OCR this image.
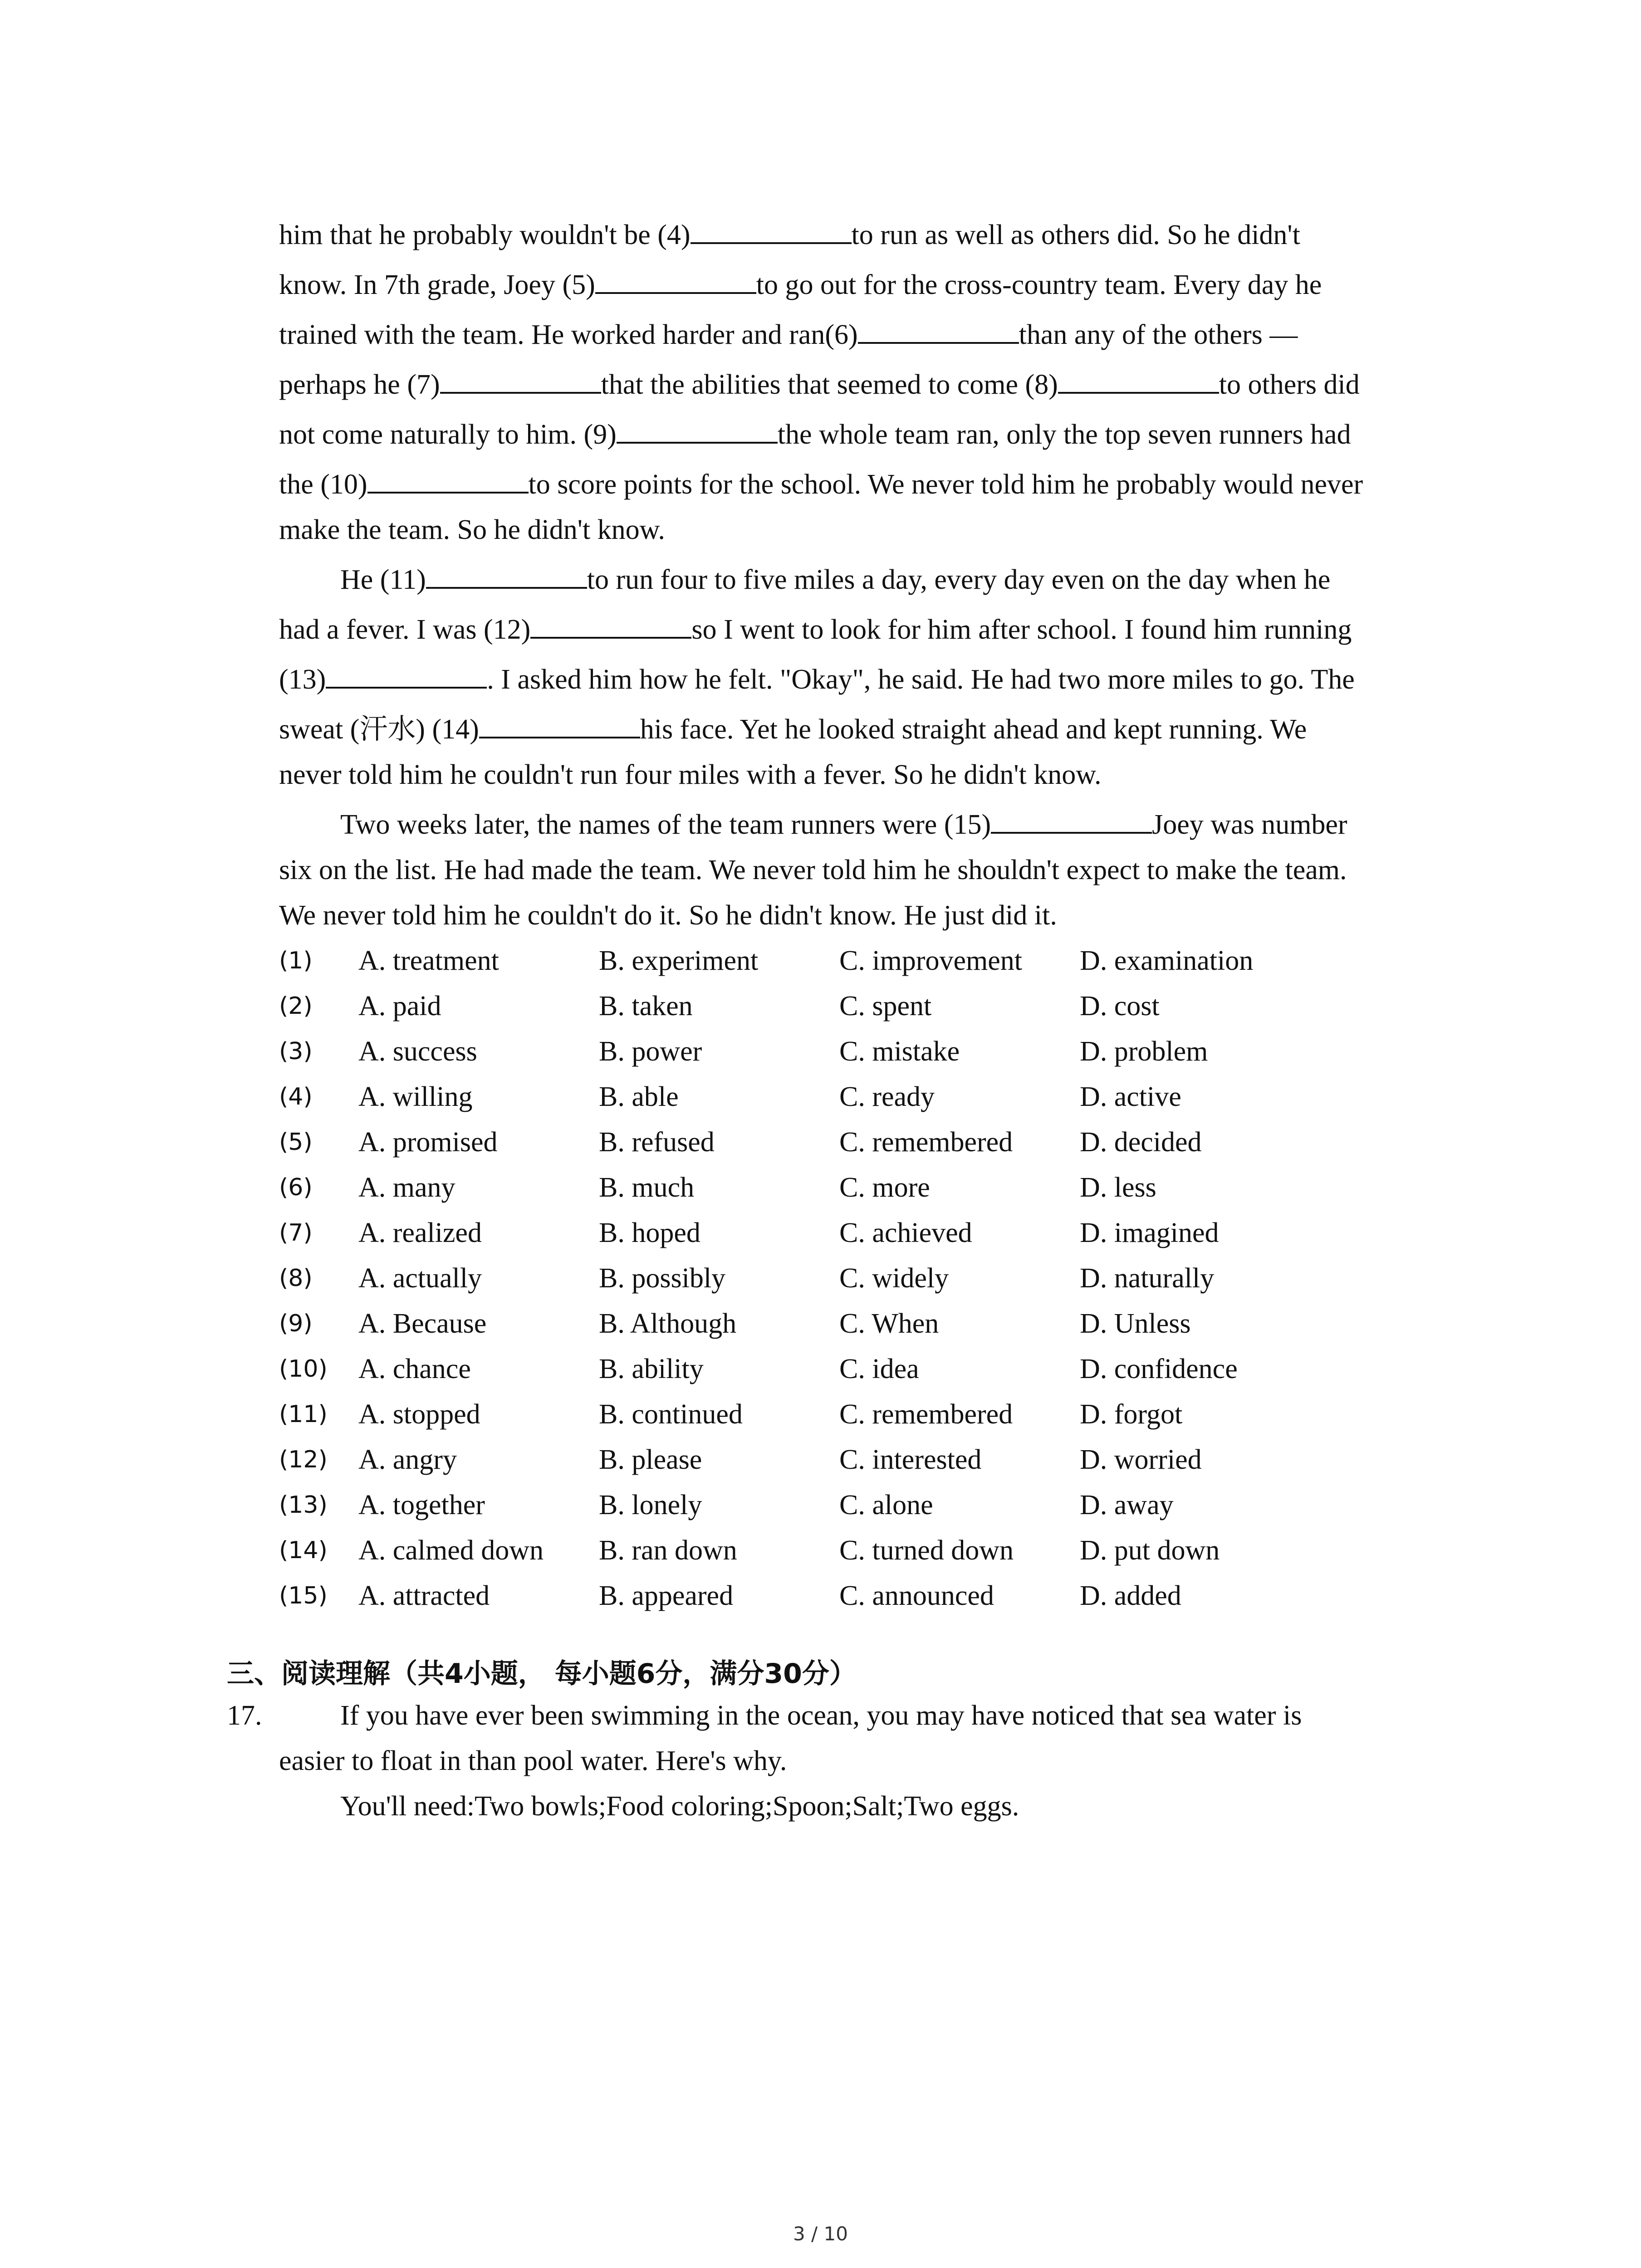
him that he probably wouldn't be (4)	to run as well as others did. So he didn't
know. In 7th grade, Joey (5)	to go out for the cross-country team. Every day he
trained with the team. He worked harder and ran(6)	than any of the others —
perhaps he (7)	that the abilities that seemed to come (8)	to others did
not come naturally to him. (9)	the whole team ran, only the top seven runners had
the (10)	to score points for the school. We never told him he probably would never
make the team. So he didn't know.
He (11)	to run four to five miles a day, every day even on the day when he
had a fever. I was (12)	so I went to look for him after school. I found him running
(13)	. I asked him how he felt. "Okay", he said. He had two more miles to go. The
sweat (汗水) (14)	his face. Yet he looked straight ahead and kept running. We
never told him he couldn't run four miles with a fever. So he didn't know.
Two weeks later, the names of the team runners were (15)	Joey was number
six on the list. He had made the team. We never told him he shouldn't expect to make the team.
We never told him he couldn't do it. So he didn't know. He just did it.
(1) A. treatment	B. experiment	C. improvement D. examination
(2) A. paid	B. taken	C. spent	D. cost
(3) A. success	B. power	C. mistake	D. problem
(4) A. willing	B. able	C. ready	D. active
(5) A. promised	B. refused	C. remembered D. decided
(6) A. many	B. much	C. more	D. less
(7) A. realized	B. hoped	C. achieved	D. imagined
(8) A. actually	B. possibly	C. widely	D. naturally
(9) A. Because	B. Although	C. When	D. Unless
(10) A. chance	B. ability	C. idea	D. confidence
(11) A. stopped	B. continued	C. remembered D. forgot
(12) A. angry	B. please	C. interested	D. worried
(13) A. together	B. lonely	C. alone	D. away
(14) A. calmed down B. ran down	C. turned down D. put down
(15) A. attracted	B. appeared	C. announced	D. added
三、阅读理解（共4小题， 每小题6分，满分30分）
17.	If you have ever been swimming in the ocean, you may have noticed that sea water is
easier to float in than pool water. Here's why.
You'll need:Two bowls;Food coloring;Spoon;Salt;Two eggs.
3 / 10
